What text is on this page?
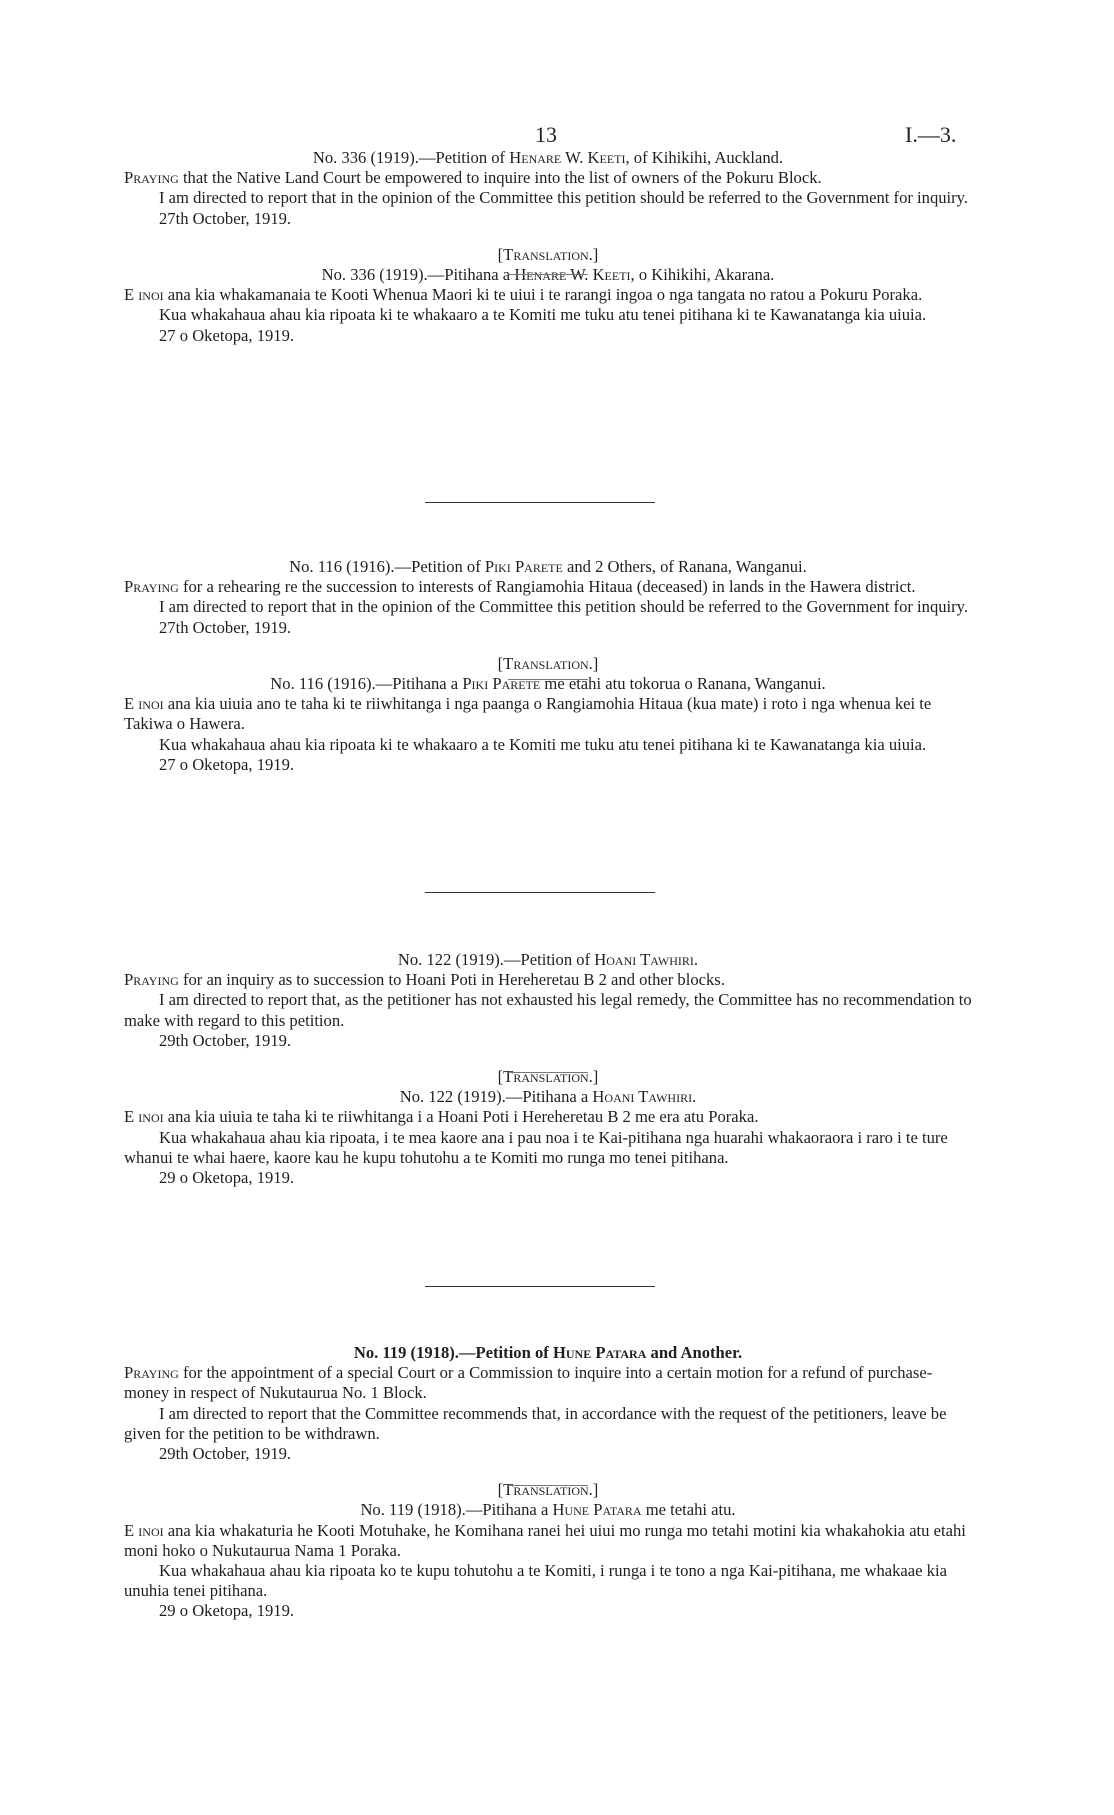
13	I.—3.

No. 336 (1919).—Petition of Henare W. Keeti, of Kihikihi, Auckland.

Praying that the Native Land Court be empowered to inquire into the list of owners of the Pokuru Block.

I am directed to report that in the opinion of the Committee this petition should be referred to the Government for inquiry.

27th October, 1919.

[Translation.]

No. 336 (1919).—Pitihana a Henare W. Keeti, o Kihikihi, Akarana.

E inoi ana kia whakamanaia te Kooti Whenua Maori ki te uiui i te rarangi ingoa o nga tangata no ratou a Pokuru Poraka.

Kua whakahaua ahau kia ripoata ki te whakaaro a te Komiti me tuku atu tenei pitihana ki te Kawanatanga kia uiuia.

27 o Oketopa, 1919.

No. 116 (1916).—Petition of Piki Parete and 2 Others, of Ranana, Wanganui.

Praying for a rehearing re the succession to interests of Rangiamohia Hitaua (deceased) in lands in the Hawera district.

I am directed to report that in the opinion of the Committee this petition should be referred to the Government for inquiry.

27th October, 1919.

[Translation.]

No. 116 (1916).—Pitihana a Piki Parete me etahi atu tokorua o Ranana, Wanganui.

E inoi ana kia uiuia ano te taha ki te riiwhitanga i nga paanga o Rangiamohia Hitaua (kua mate) i roto i nga whenua kei te Takiwa o Hawera.

Kua whakahaua ahau kia ripoata ki te whakaaro a te Komiti me tuku atu tenei pitihana ki te Kawanatanga kia uiuia.

27 o Oketopa, 1919.

No. 122 (1919).—Petition of Hoani Tawhiri.

Praying for an inquiry as to succession to Hoani Poti in Hereheretau B 2 and other blocks.

I am directed to report that, as the petitioner has not exhausted his legal remedy, the Committee has no recommendation to make with regard to this petition.

29th October, 1919.

[Translation.]

No. 122 (1919).—Pitihana a Hoani Tawhiri.

E inoi ana kia uiuia te taha ki te riiwhitanga i a Hoani Poti i Hereheretau B 2 me era atu Poraka.

Kua whakahaua ahau kia ripoata, i te mea kaore ana i pau noa i te Kai-pitihana nga huarahi whakaoraora i raro i te ture whanui te whai haere, kaore kau he kupu tohutohu a te Komiti mo runga mo tenei pitihana.

29 o Oketopa, 1919.

No. 119 (1918).—Petition of Hune Patara and Another.

Praying for the appointment of a special Court or a Commission to inquire into a certain motion for a refund of purchase-money in respect of Nukutaurua No. 1 Block.

I am directed to report that the Committee recommends that, in accordance with the request of the petitioners, leave be given for the petition to be withdrawn.

29th October, 1919.

[Translation.]

No. 119 (1918).—Pitihana a Hune Patara me tetahi atu.

E inoi ana kia whakaturia he Kooti Motuhake, he Komihana ranei hei uiui mo runga mo tetahi motini kia whakahokia atu etahi moni hoko o Nukutaurua Nama 1 Poraka.

Kua whakahaua ahau kia ripoata ko te kupu tohutohu a te Komiti, i runga i te tono a nga Kai-pitihana, me whakaae kia unuhia tenei pitihana.

29 o Oketopa, 1919.
